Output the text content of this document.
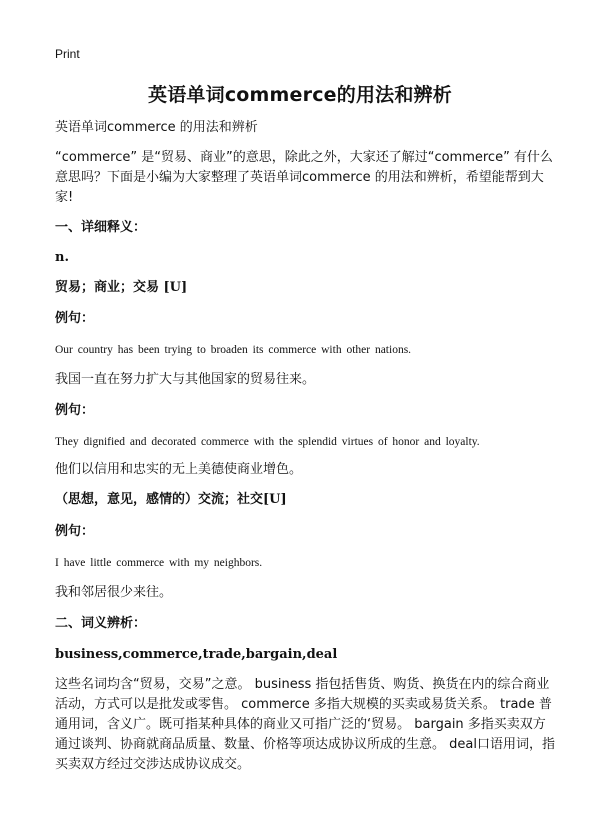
Print
英语单词commerce的用法和辨析
英语单词commerce 的用法和辨析
“commerce” 是“贸易、商业”的意思，除此之外，大家还了解过“commerce” 有什么意思吗？下面是小编为大家整理了英语单词commerce 的用法和辨析，希望能帮到大家!
一、详细释义：
n.
贸易；商业；交易 [U]
例句：
Our country has been trying to broaden its commerce with other nations.
我国一直在努力扩大与其他国家的贸易往来。
例句：
They dignified and decorated commerce with the splendid virtues of honor and loyalty.
他们以信用和忠实的无上美德使商业增色。
（思想，意见，感情的）交流；社交[U]
例句：
I have little commerce with my neighbors.
我和邻居很少来往。
二、词义辨析：
business,commerce,trade,bargain,deal
这些名词均含“贸易，交易”之意。 business 指包括售货、购货、换货在内的综合商业活动，方式可以是批发或零售。 commerce 多指大规模的买卖或易货关系。 trade 普通用词，含义广。既可指某种具体的商业又可指广泛的‘贸易。 bargain 多指买卖双方通过谈判、协商就商品质量、数量、价格等项达成协议所成的生意。 deal口语用词，指买卖双方经过交涉达成协议成交。
